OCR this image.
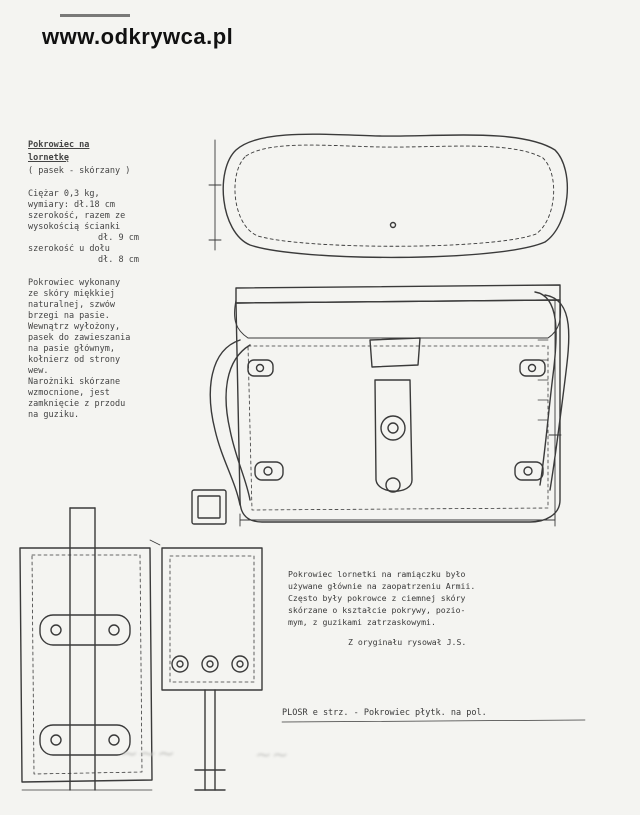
www.odkrywca.pl
Pokrowiec na
lornetkę
( pasek - skórzany )
Ciężar 0,3 kg,
wymiary: dł.18 cm
szerokość, razem ze
wysokością ścianki
dł. 9 cm
szerokość u dołu
dł. 8 cm
Pokrowiec wykonany
ze skóry miękkiej
naturalnej, szwów
brzegi na pasie.
Wewnątrz wyłożony,
pasek do zawieszania
na pasie głównym,
kołnierz od strony
wew.
Narożniki skórzane
wzmocnione, jest
zamknięcie z przodu
na guziku.
Pokrowiec lornetki na ramiączku było
używane głównie na zaopatrzeniu Armii.
Często były pokrowce z ciemnej skóry
skórzane o kształcie pokrywy, pozio-
mym, z guzikami zatrzaskowymi.
Z oryginału rysował J.S.
PLOSR e strz. - Pokrowiec płytk. na pol.
~~~	~~
